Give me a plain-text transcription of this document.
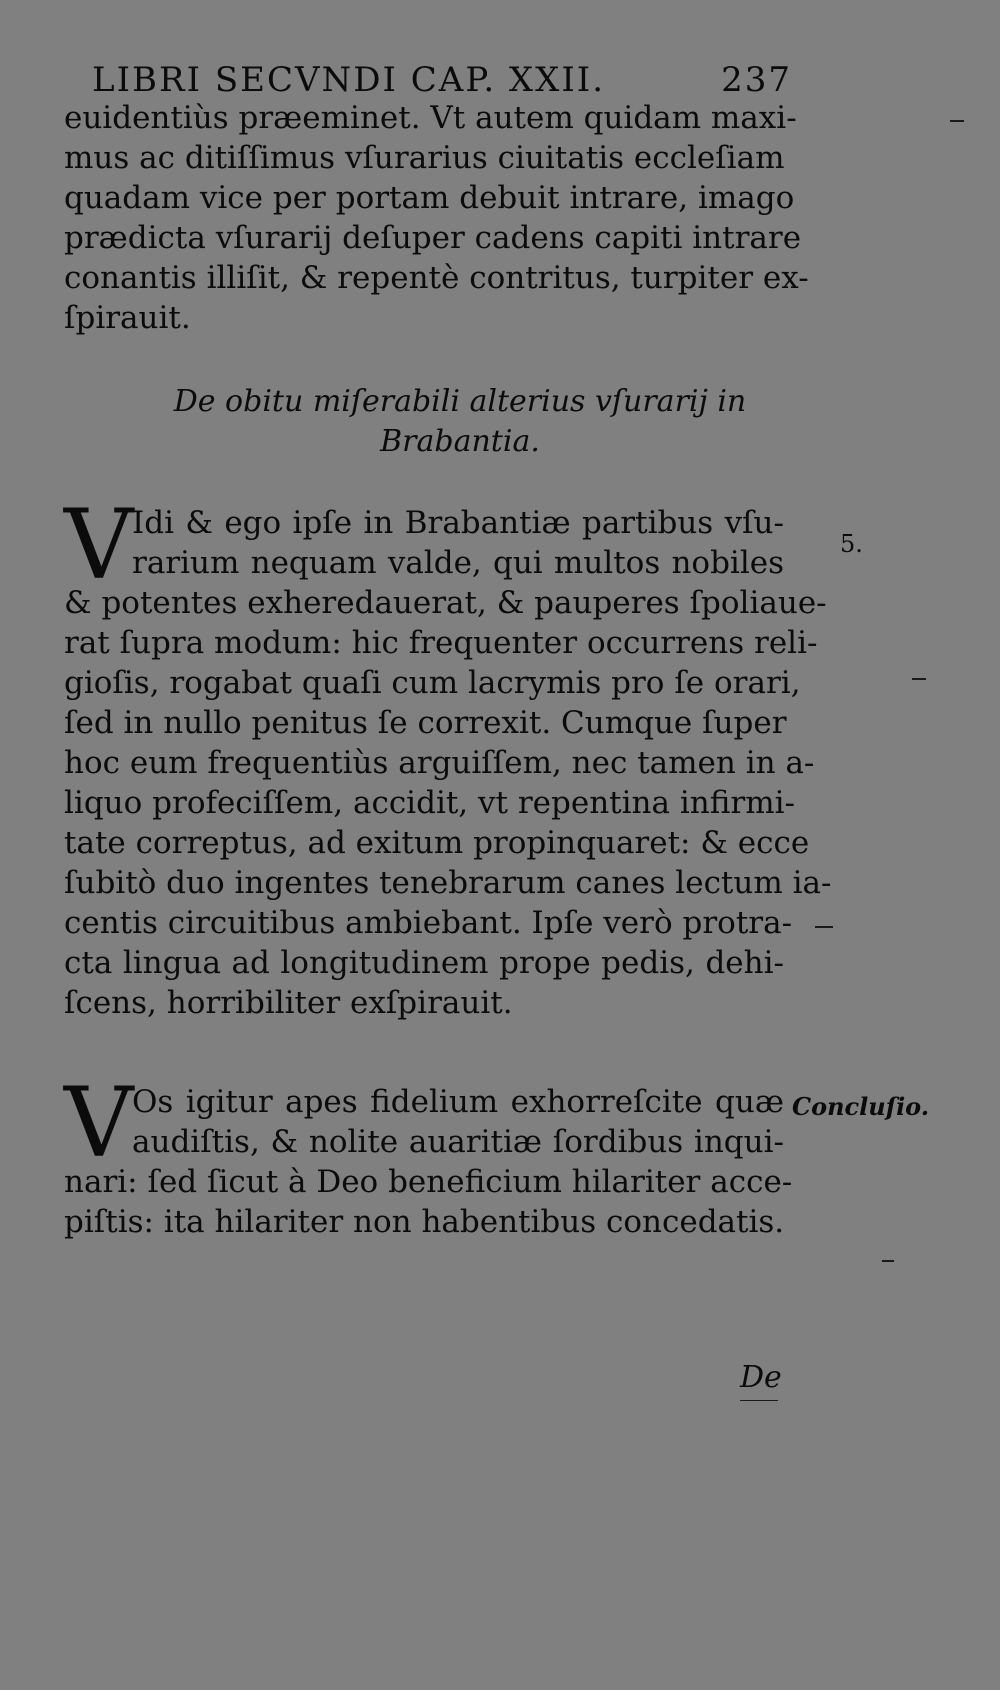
LIBRI SECVNDI CAP. XXII.	237
euidentiùs præeminet. Vt autem quidam maxi-
mus ac ditiſſimus vſurarius ciuitatis eccleſiam
quadam vice per portam debuit intrare, imago
prædicta vſurarij deſuper cadens capiti intrare
conantis illiſit, & repentè contritus, turpiter ex-
ſpirauit.
De obitu miſerabili alterius vſurarij in
Brabantia.
V
Idi & ego ipſe in Brabantiæ partibus vſu-
rarium nequam valde, qui multos nobiles
& potentes exheredauerat, & pauperes ſpoliaue-
rat ſupra modum: hic frequenter occurrens reli-
gioſis, rogabat quaſi cum lacrymis pro ſe orari,
ſed in nullo penitus ſe correxit. Cumque ſuper
hoc eum frequentiùs arguiſſem, nec tamen in a-
liquo profeciſſem, accidit, vt repentina infirmi-
tate correptus, ad exitum propinquaret: & ecce
ſubitò duo ingentes tenebrarum canes lectum ia-
centis circuitibus ambiebant. Ipſe verò protra-
cta lingua ad longitudinem prope pedis, dehi-
ſcens, horribiliter exſpirauit.
V
Os igitur apes fidelium exhorreſcite quæ
audiſtis, & nolite auaritiæ ſordibus inqui-
nari: ſed ſicut à Deo beneficium hilariter acce-
piſtis: ita hilariter non habentibus concedatis.
5.
Concluſio.
De
